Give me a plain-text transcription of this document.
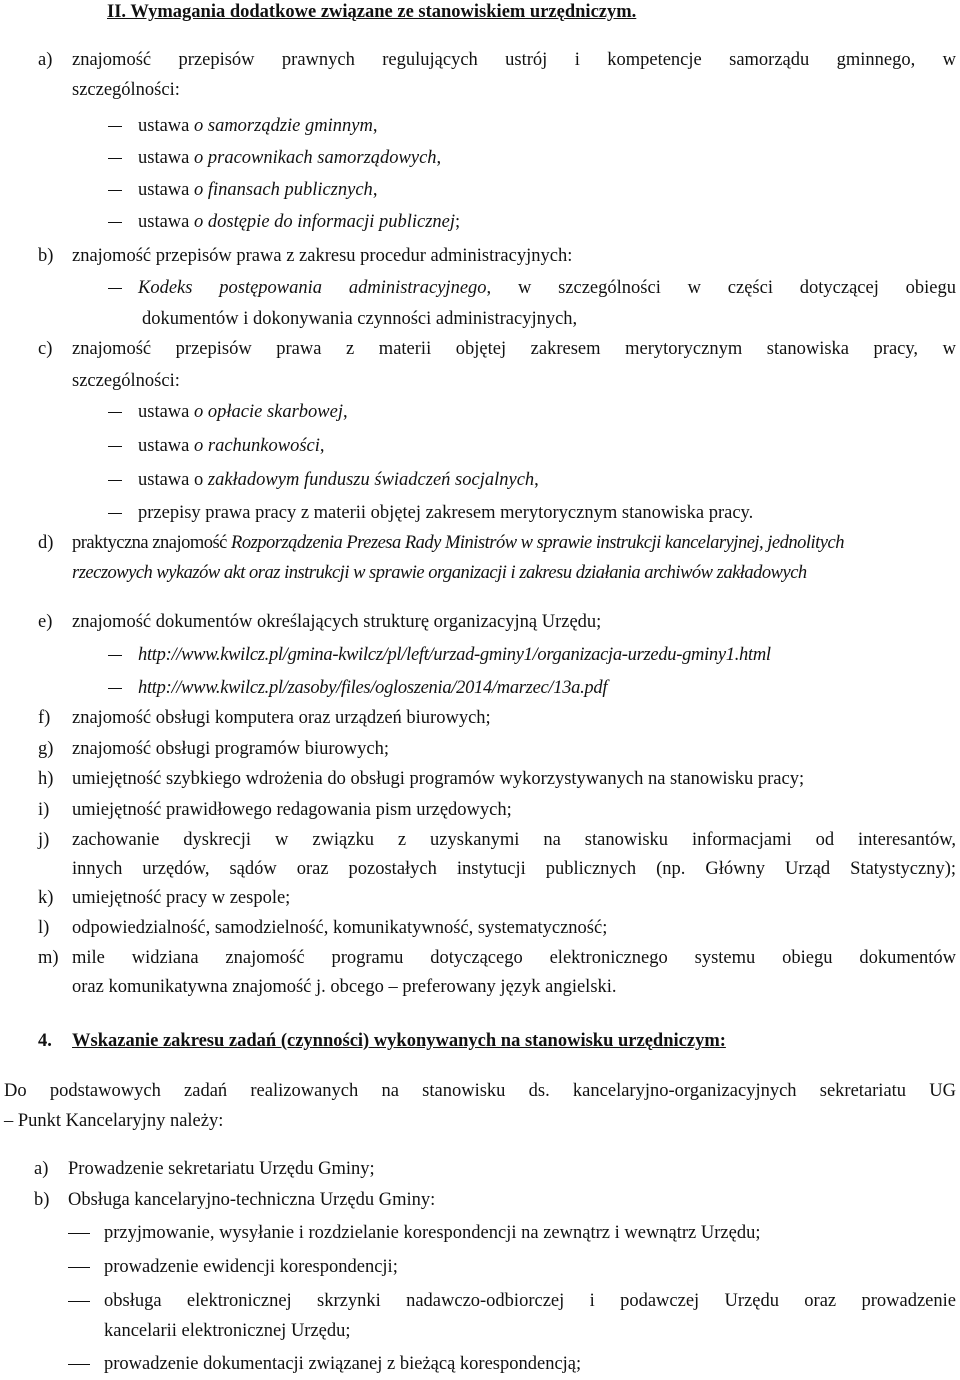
II. Wymagania dodatkowe związane ze stanowiskiem urzędniczym.
a) znajomość przepisów prawnych regulujących ustrój i kompetencje samorządu gminnego, w
szczególności:
ustawa o samorządzie gminnym,
ustawa o pracownikach samorządowych,
ustawa o finansach publicznych,
ustawa o dostępie do informacji publicznej;
b) znajomość przepisów prawa z zakresu procedur administracyjnych:
Kodeks postępowania administracyjnego, w szczególności w części dotyczącej obiegu
dokumentów i dokonywania czynności administracyjnych,
c) znajomość przepisów prawa z materii objętej zakresem merytorycznym stanowiska pracy, w
szczególności:
ustawa o opłacie skarbowej,
ustawa o rachunkowości,
ustawa o zakładowym funduszu świadczeń socjalnych,
przepisy prawa pracy z materii objętej zakresem merytorycznym stanowiska pracy.
d) praktyczna znajomość Rozporządzenia Prezesa Rady Ministrów w sprawie instrukcji kancelaryjnej, jednolitych
rzeczowych wykazów akt oraz instrukcji w sprawie organizacji i zakresu działania archiwów zakładowych
e) znajomość dokumentów określających strukturę organizacyjną Urzędu;
http://www.kwilcz.pl/gmina-kwilcz/pl/left/urzad-gminy1/organizacja-urzedu-gminy1.html
http://www.kwilcz.pl/zasoby/files/ogloszenia/2014/marzec/13a.pdf
f) znajomość obsługi komputera oraz urządzeń biurowych;
g) znajomość obsługi programów biurowych;
h) umiejętność szybkiego wdrożenia do obsługi programów wykorzystywanych na stanowisku pracy;
i) umiejętność prawidłowego redagowania pism urzędowych;
j) zachowanie dyskrecji w związku z uzyskanymi na stanowisku informacjami od interesantów,
innych urzędów, sądów oraz pozostałych instytucji publicznych (np. Główny Urząd Statystyczny);
k) umiejętność pracy w zespole;
l) odpowiedzialność, samodzielność, komunikatywność, systematyczność;
m) mile widziana znajomość programu dotyczącego elektronicznego systemu obiegu dokumentów
oraz komunikatywna znajomość j. obcego – preferowany język angielski.
4. Wskazanie zakresu zadań (czynności) wykonywanych na stanowisku urzędniczym:
Do podstawowych zadań realizowanych na stanowisku ds. kancelaryjno-organizacyjnych sekretariatu UG
– Punkt Kancelaryjny należy:
a) Prowadzenie sekretariatu Urzędu Gminy;
b) Obsługa kancelaryjno-techniczna Urzędu Gminy:
przyjmowanie, wysyłanie i rozdzielanie korespondencji na zewnątrz i wewnątrz Urzędu;
prowadzenie ewidencji korespondencji;
obsługa elektronicznej skrzynki nadawczo-odbiorczej i podawczej Urzędu oraz prowadzenie
kancelarii elektronicznej Urzędu;
prowadzenie dokumentacji związanej z bieżącą korespondencją;
